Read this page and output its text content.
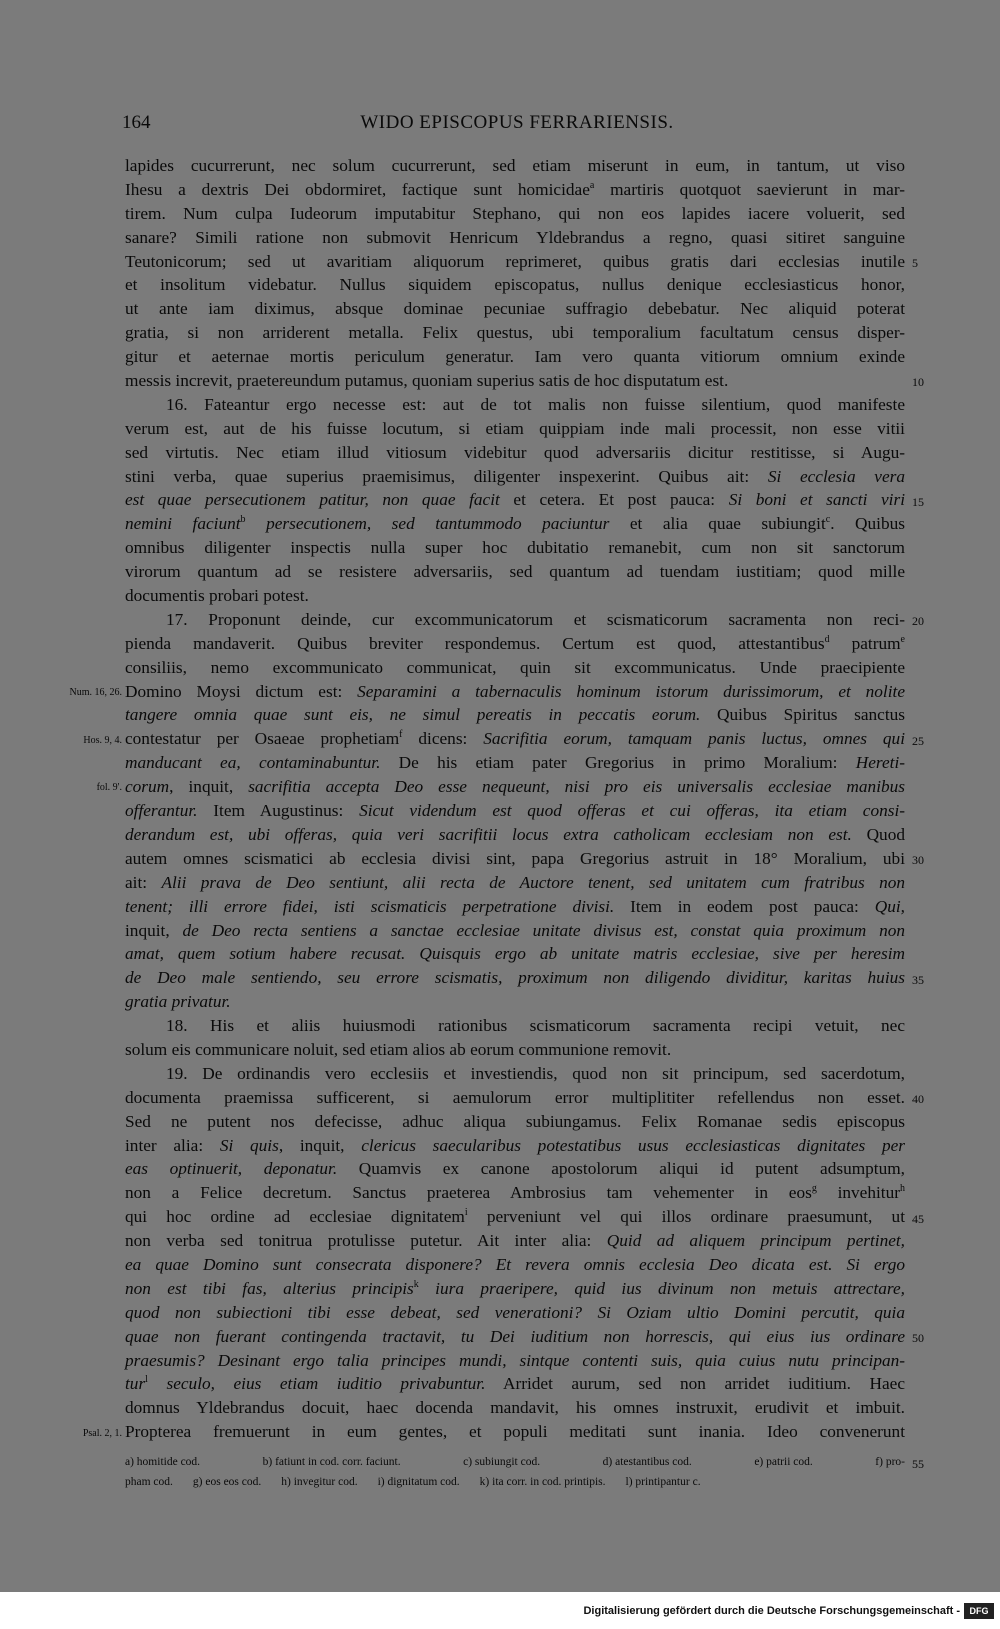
164	WIDO EPISCOPUS FERRARIENSIS.
lapides cucurrerunt, nec solum cucurrerunt, sed etiam miserunt in eum, in tantum, ut viso
Ihesu a dextris Dei obdormiret, factique sunt homicidae$^a$ martiris quotquot saevierunt in mar-
tirem. Num culpa Iudeorum imputabitur Stephano, qui non eos lapides iacere voluerit, sed
sanare? Simili ratione non submovit Henricum Yldebrandus a regno, quasi sitiret sanguine
Teutonicorum; sed ut avaritiam aliquorum reprimeret, quibus gratis dari ecclesias inutile
et insolitum videbatur. Nullus siquidem episcopatus, nullus denique ecclesiasticus honor,
ut ante iam diximus, absque dominae pecuniae suffragio debebatur. Nec aliquid poterat
gratia, si non arriderent metalla. Felix questus, ubi temporalium facultatum census disper-
gitur et aeternae mortis periculum generatur. Iam vero quanta vitiorum omnium exinde
messis increvit, praetereundum putamus, quoniam superius satis de hoc disputatum est.
16. Fateantur ergo necesse est: aut de tot malis non fuisse silentium, quod manifeste
verum est, aut de his fuisse locutum, si etiam quippiam inde mali processit, non esse vitii
sed virtutis. Nec etiam illud vitiosum videbitur quod adversariis dicitur restitisse, si Augu-
stini verba, quae superius praemisimus, diligenter inspexerint. Quibus ait: Si ecclesia vera
est quae persecutionem patitur, non quae facit et cetera. Et post pauca: Si boni et sancti viri
nemini faciunt$^b$ persecutionem, sed tantummodo paciuntur et alia quae subiungit$^c$. Quibus
omnibus diligenter inspectis nulla super hoc dubitatio remanebit, cum non sit sanctorum
virorum quantum ad se resistere adversariis, sed quantum ad tuendam iustitiam; quod mille
documentis probari potest.
17. Proponunt deinde, cur excommunicatorum et scismaticorum sacramenta non reci-
pienda mandaverit. Quibus breviter respondemus. Certum est quod, attestantibus$^d$ patrum$^e$
consiliis, nemo excommunicato communicat, quin sit excommunicatus. Unde praecipiente
Domino Moysi dictum est: Separamini a tabernaculis hominum istorum durissimorum, et nolite
tangere omnia quae sunt eis, ne simul pereatis in peccatis eorum. Quibus Spiritus sanctus
contestatur per Osaeae prophetiam$^f$ dicens: Sacrifitia eorum, tamquam panis luctus, omnes qui
manducant ea, contaminabuntur. De his etiam pater Gregorius in primo Moralium: Hereti-
corum, inquit, sacrifitia accepta Deo esse nequeunt, nisi pro eis universalis ecclesiae manibus
offerantur. Item Augustinus: Sicut videndum est quod offeras et cui offeras, ita etiam consi-
derandum est, ubi offeras, quia veri sacrifitii locus extra catholicam ecclesiam non est. Quod
autem omnes scismatici ab ecclesia divisi sint, papa Gregorius astruit in 18° Moralium, ubi
ait: Alii prava de Deo sentiunt, alii recta de Auctore tenent, sed unitatem cum fratribus non
tenent; illi errore fidei, isti scismaticis perpetratione divisi. Item in eodem post pauca: Qui,
inquit, de Deo recta sentiens a sanctae ecclesiae unitate divisus est, constat quia proximum non
amat, quem sotium habere recusat. Quisquis ergo ab unitate matris ecclesiae, sive per heresim
de Deo male sentiendo, seu errore scismatis, proximum non diligendo dividitur, karitas huius
gratia privatur.
18. His et aliis huiusmodi rationibus scismaticorum sacramenta recipi vetuit, nec
solum eis communicare noluit, sed etiam alios ab eorum communione removit.
19. De ordinandis vero ecclesiis et investiendis, quod non sit principum, sed sacerdotum,
documenta praemissa sufficerent, si aemulorum error multiplititer refellendus non esset.
Sed ne putent nos defecisse, adhuc aliqua subiungamus. Felix Romanae sedis episcopus
inter alia: Si quis, inquit, clericus saecularibus potestatibus usus ecclesiasticas dignitates per
eas optinuerit, deponatur. Quamvis ex canone apostolorum aliqui id putent adsumptum,
non a Felice decretum. Sanctus praeterea Ambrosius tam vehementer in eos$^g$ invehitur$^h$
qui hoc ordine ad ecclesiae dignitatem$^i$ perveniunt vel qui illos ordinare praesumunt, ut
non verba sed tonitrua protulisse putetur. Ait inter alia: Quid ad aliquem principum pertinet,
ea quae Domino sunt consecrata disponere? Et revera omnis ecclesia Deo dicata est. Si ergo
non est tibi fas, alterius principis$^k$ iura praeripere, quid ius divinum non metuis attrectare,
quod non subiectioni tibi esse debeat, sed venerationi? Si Oziam ultio Domini percutit, quia
quae non fuerant contingenda tractavit, tu Dei iuditium non horrescis, qui eius ius ordinare
praesumis? Desinant ergo talia principes mundi, sintque contenti suis, quia cuius nutu principan-
tur$^l$ seculo, eius etiam iuditio privabuntur. Arridet aurum, sed non arridet iuditium. Haec
domnus Yldebrandus docuit, haec docenda mandavit, his omnes instruxit, erudivit et imbuit.
Propterea fremuerunt in eum gentes, et populi meditati sunt inania. Ideo convenerunt
5
10
15
20
25
30
35
40
45
50
Num. 16, 26.
Hos. 9, 4.
fol. 9'.
Psal. 2, 1.
a) homitide cod.	b) fatiunt in cod. corr. faciunt.	c) subiungit cod.	d) atestantibus cod.	e) patrii cod.	f) pro- 55
pham cod. g) eos eos cod. h) invegitur cod. i) dignitatum cod. k) ita corr. in cod. printipis. l) printipantur c.
Digitalisierung gefördert durch die Deutsche Forschungsgemeinschaft -	DFG
